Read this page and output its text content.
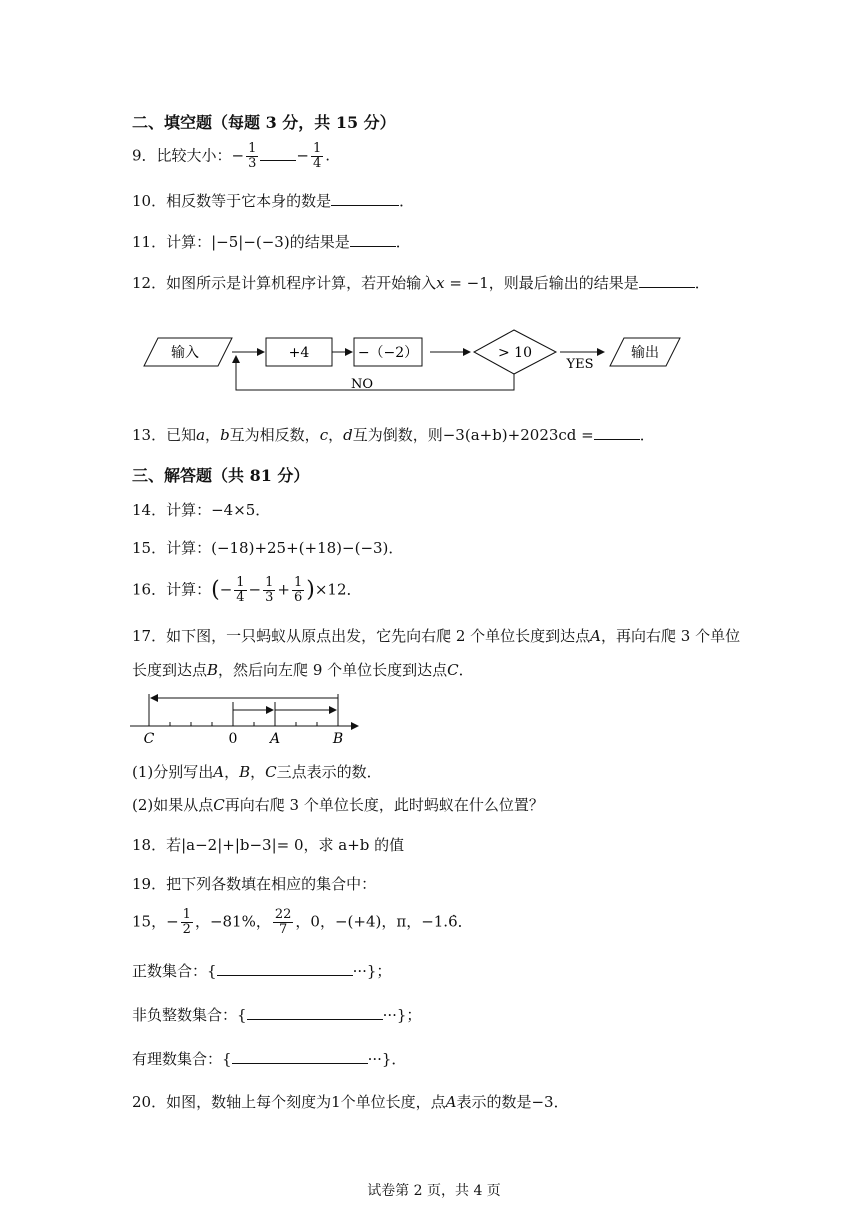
二、填空题（每题 3 分，共 15 分）
9．比较大小：− $\frac{1}{3}$	− $\frac{1}{4}$ .
10．相反数等于它本身的数是	．
11．计算：|−5|−(−3)的结果是	．
12．如图所示是计算机程序计算，若开始输入x = −1，则最后输出的结果是	．
输入	+4	−（−2）	> 10
YES
输出
NO
13．已知a，b互为相反数，c，d互为倒数，则−3(a+b)+2023cd =	．
三、解答题（共 81 分）
14．计算：−4×5．
15．计算：(−18)+25+(+18)−(−3)．
16．计算：(− $\frac{1}{4} - \frac{1}{3} + \frac{1}{6} )\times 12$．
17．如下图，一只蚂蚁从原点出发，它先向右爬 2 个单位长度到达点A，再向右爬 3 个单位
长度到达点B，然后向左爬 9 个单位长度到达点C．
C	0 A	B
(1)分别写出A，B，C三点表示的数．
(2)如果从点C再向右爬 3 个单位长度，此时蚂蚁在什么位置？
18．若|a−2|+|b−3|= 0，求 a+b 的值
19．把下列各数填在相应的集合中：
15，− $\frac{1}{2}$ ，−81%， $\frac{22}{7}$ ，0，−(+4)，π，−1.6̇．
正数集合：{	···}；
非负整数集合：{	···}；
有理数集合：{	···}．
20．如图，数轴上每个刻度为1个单位长度，点A表示的数是−3．
试卷第 2 页，共 4 页
